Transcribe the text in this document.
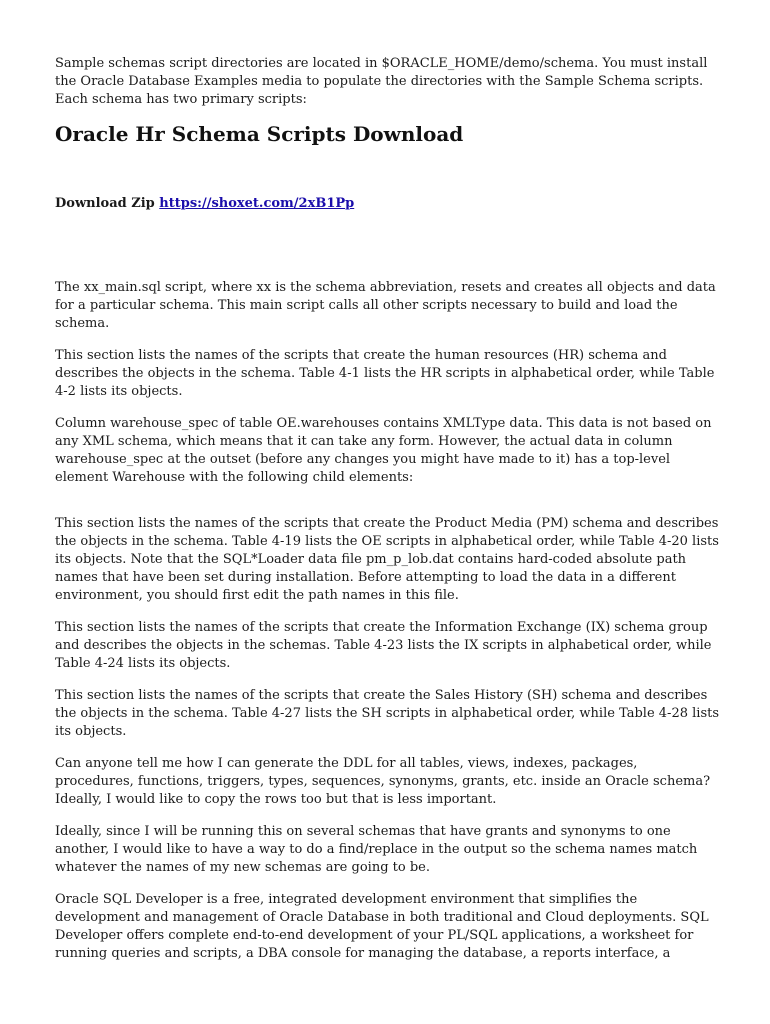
Sample schemas script directories are located in $ORACLE_HOME/demo/schema. You must install the Oracle Database Examples media to populate the directories with the Sample Schema scripts. Each schema has two primary scripts:

Oracle Hr Schema Scripts Download

Download Zip https://shoxet.com/2xB1Pp

The xx_main.sql script, where xx is the schema abbreviation, resets and creates all objects and data for a particular schema. This main script calls all other scripts necessary to build and load the schema.

This section lists the names of the scripts that create the human resources (HR) schema and describes the objects in the schema. Table 4-1 lists the HR scripts in alphabetical order, while Table 4-2 lists its objects.

Column warehouse_spec of table OE.warehouses contains XMLType data. This data is not based on any XML schema, which means that it can take any form. However, the actual data in column warehouse_spec at the outset (before any changes you might have made to it) has a top-level element Warehouse with the following child elements:

This section lists the names of the scripts that create the Product Media (PM) schema and describes the objects in the schema. Table 4-19 lists the OE scripts in alphabetical order, while Table 4-20 lists its objects. Note that the SQL*Loader data file pm_p_lob.dat contains hard-coded absolute path names that have been set during installation. Before attempting to load the data in a different environment, you should first edit the path names in this file.

This section lists the names of the scripts that create the Information Exchange (IX) schema group and describes the objects in the schemas. Table 4-23 lists the IX scripts in alphabetical order, while Table 4-24 lists its objects.

This section lists the names of the scripts that create the Sales History (SH) schema and describes the objects in the schema. Table 4-27 lists the SH scripts in alphabetical order, while Table 4-28 lists its objects.

Can anyone tell me how I can generate the DDL for all tables, views, indexes, packages, procedures, functions, triggers, types, sequences, synonyms, grants, etc. inside an Oracle schema? Ideally, I would like to copy the rows too but that is less important.

Ideally, since I will be running this on several schemas that have grants and synonyms to one another, I would like to have a way to do a find/replace in the output so the schema names match whatever the names of my new schemas are going to be.

Oracle SQL Developer is a free, integrated development environment that simplifies the development and management of Oracle Database in both traditional and Cloud deployments. SQL Developer offers complete end-to-end development of your PL/SQL applications, a worksheet for running queries and scripts, a DBA console for managing the database, a reports interface, a
